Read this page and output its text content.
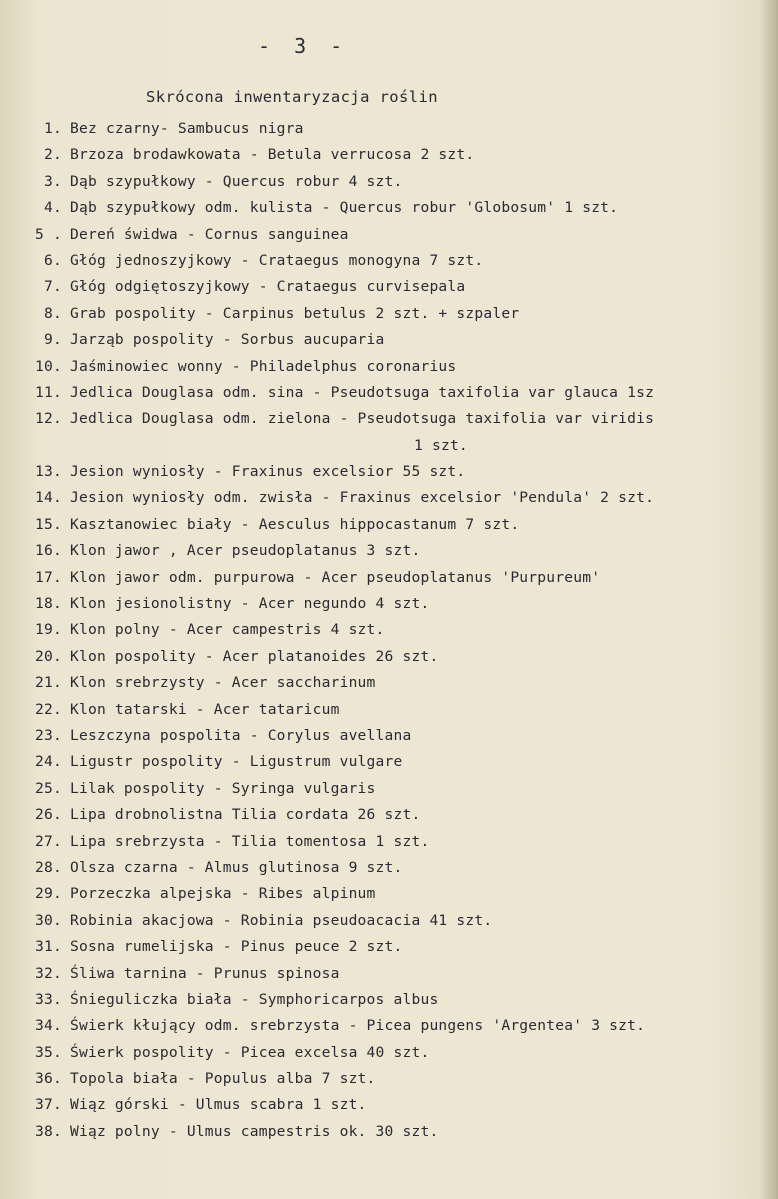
- 3 -
Skrócona inwentaryzacja roślin
1. Bez czarny- Sambucus nigra
2. Brzoza brodawkowata - Betula verrucosa 2 szt.
3. Dąb szypułkowy - Quercus robur 4 szt.
4. Dąb szypułkowy odm. kulista - Quercus robur 'Globosum' 1 szt.
5 . Dereń świdwa - Cornus sanguinea
6. Głóg jednoszyjkowy - Crataegus monogyna 7 szt.
7. Głóg odgiętoszyjkowy - Crataegus curvisepala
8. Grab pospolity - Carpinus betulus 2 szt. + szpaler
9. Jarząb pospolity - Sorbus aucuparia
10. Jaśminowiec wonny - Philadelphus coronarius
11. Jedlica Douglasa odm. sina - Pseudotsuga taxifolia var glauca 1sz
12. Jedlica Douglasa odm. zielona - Pseudotsuga taxifolia var viridis
1 szt.
13. Jesion wyniosły - Fraxinus excelsior 55 szt.
14. Jesion wyniosły odm. zwisła - Fraxinus excelsior 'Pendula' 2 szt.
15. Kasztanowiec biały - Aesculus hippocastanum 7 szt.
16. Klon jawor , Acer pseudoplatanus 3 szt.
17. Klon jawor odm. purpurowa - Acer pseudoplatanus 'Purpureum'
18. Klon jesionolistny - Acer negundo 4 szt.
19. Klon polny - Acer campestris 4 szt.
20. Klon pospolity - Acer platanoides 26 szt.
21. Klon srebrzysty - Acer saccharinum
22. Klon tatarski - Acer tataricum
23. Leszczyna pospolita - Corylus avellana
24. Ligustr pospolity - Ligustrum vulgare
25. Lilak pospolity - Syringa vulgaris
26. Lipa drobnolistna Tilia cordata 26 szt.
27. Lipa srebrzysta - Tilia tomentosa 1 szt.
28. Olsza czarna - Almus glutinosa 9 szt.
29. Porzeczka alpejska - Ribes alpinum
30. Robinia akacjowa - Robinia pseudoacacia 41 szt.
31. Sosna rumelijska - Pinus peuce 2 szt.
32. Śliwa tarnina - Prunus spinosa
33. Śnieguliczka biała - Symphoricarpos albus
34. Świerk kłujący odm. srebrzysta - Picea pungens 'Argentea' 3 szt.
35. Świerk pospolity - Picea excelsa 40 szt.
36. Topola biała - Populus alba 7 szt.
37. Wiąz górski - Ulmus scabra 1 szt.
38. Wiąz polny - Ulmus campestris ok. 30 szt.
